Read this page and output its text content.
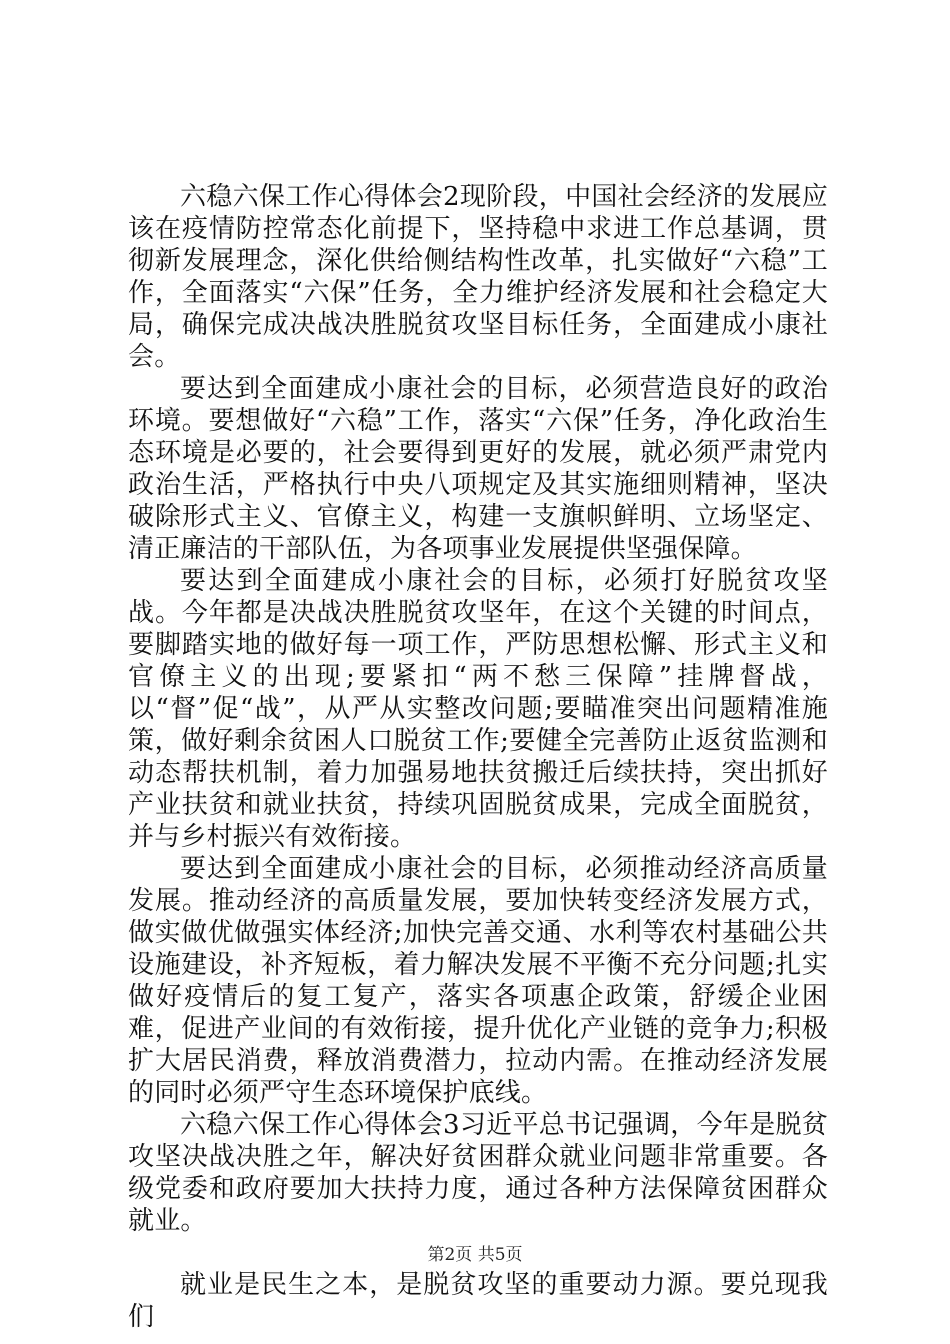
六稳六保工作心得体会2现阶段，中国社会经济的发展应该在疫情防控常态化前提下，坚持稳中求进工作总基调，贯彻新发展理念，深化供给侧结构性改革，扎实做好“六稳”工作，全面落实“六保”任务，全力维护经济发展和社会稳定大局，确保完成决战决胜脱贫攻坚目标任务，全面建成小康社会。

要达到全面建成小康社会的目标，必须营造良好的政治环境。要想做好“六稳”工作，落实“六保”任务，净化政治生态环境是必要的，社会要得到更好的发展，就必须严肃党内政治生活，严格执行中央八项规定及其实施细则精神，坚决破除形式主义、官僚主义，构建一支旗帜鲜明、立场坚定、清正廉洁的干部队伍，为各项事业发展提供坚强保障。

要达到全面建成小康社会的目标，必须打好脱贫攻坚战。今年都是决战决胜脱贫攻坚年，在这个关键的时间点，要脚踏实地的做好每一项工作，严防思想松懈、形式主义和官僚主义的出现;要紧扣“两不愁三保障”挂牌督战，以“督”促“战”，从严从实整改问题;要瞄准突出问题精准施策，做好剩余贫困人口脱贫工作;要健全完善防止返贫监测和动态帮扶机制，着力加强易地扶贫搬迁后续扶持，突出抓好产业扶贫和就业扶贫，持续巩固脱贫成果，完成全面脱贫，并与乡村振兴有效衔接。

要达到全面建成小康社会的目标，必须推动经济高质量发展。推动经济的高质量发展，要加快转变经济发展方式，做实做优做强实体经济;加快完善交通、水利等农村基础公共设施建设，补齐短板，着力解决发展不平衡不充分问题;扎实做好疫情后的复工复产，落实各项惠企政策，舒缓企业困难，促进产业间的有效衔接，提升优化产业链的竞争力;积极扩大居民消费，释放消费潜力，拉动内需。在推动经济发展的同时必须严守生态环境保护底线。

六稳六保工作心得体会3习近平总书记强调，今年是脱贫攻坚决战决胜之年，解决好贫困群众就业问题非常重要。各级党委和政府要加大扶持力度，通过各种方法保障贫困群众就业。

就业是民生之本，是脱贫攻坚的重要动力源。要兑现我们

第2页 共5页
